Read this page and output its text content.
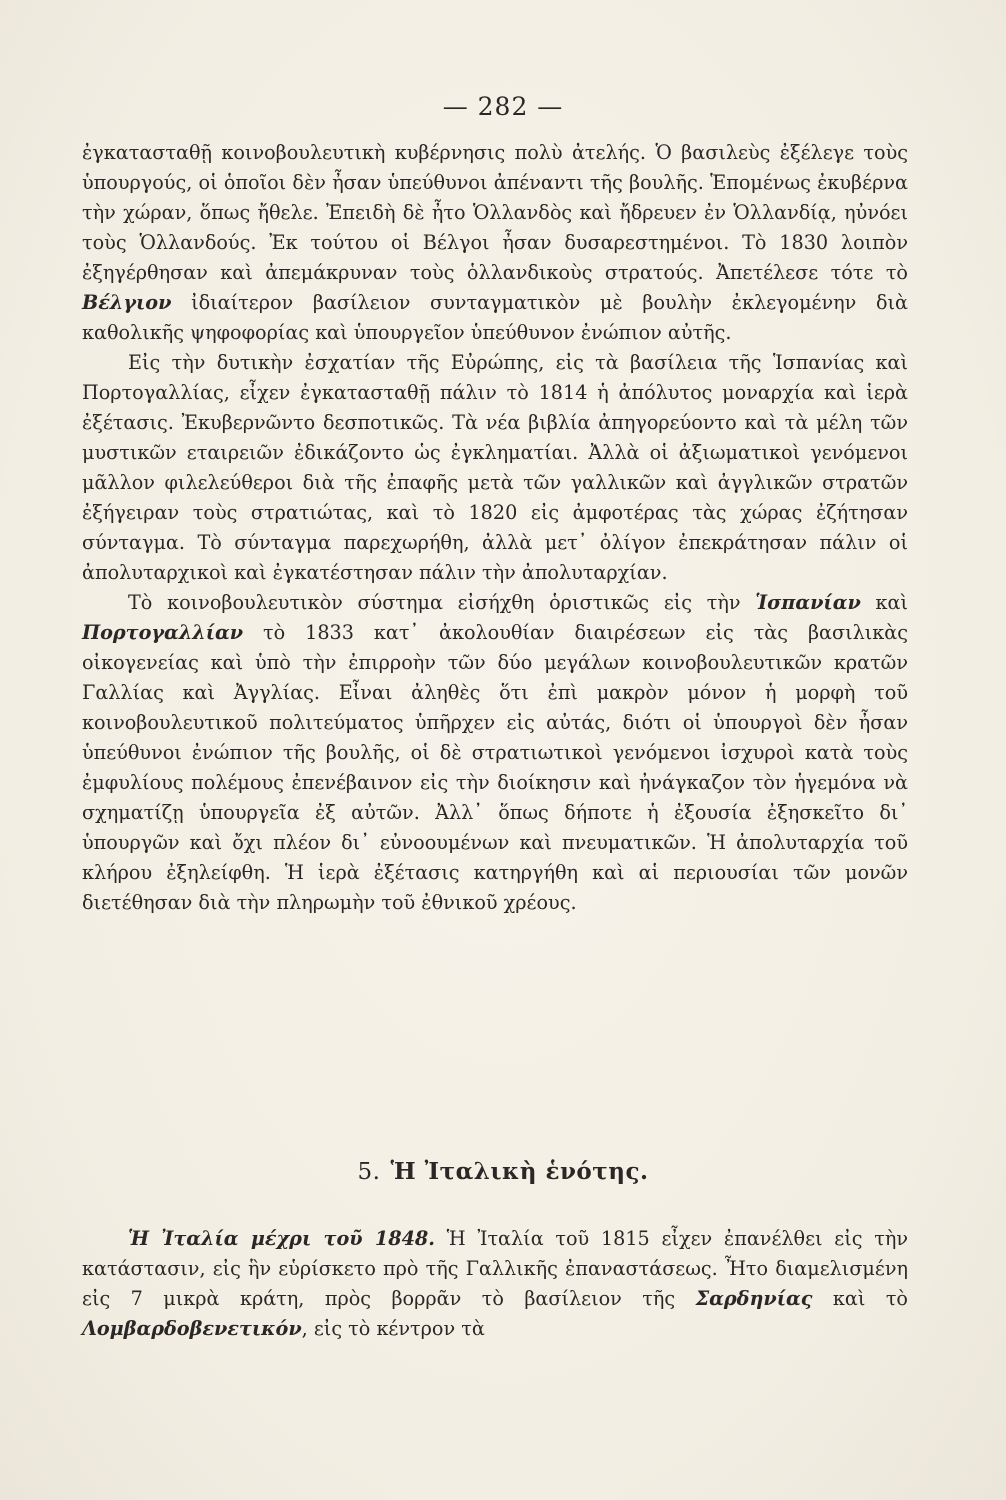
— 282 —

ἐγκατασταθῇ κοινοβουλευτικὴ κυβέρνησις πολὺ ἀτελής. Ὁ βασιλεὺς ἐξέλεγε τοὺς ὑπουργούς, οἱ ὁποῖοι δὲν ἦσαν ὑπεύθυνοι ἀπέναντι τῆς βουλῆς. Ἑπομένως ἐκυβέρνα τὴν χώραν, ὅπως ἤθελε. Ἐπειδὴ δὲ ἦτο Ὁλλανδὸς καὶ ἤδρευεν ἐν Ὁλλανδίᾳ, ηὐνόει τοὺς Ὁλλανδούς. Ἐκ τούτου οἱ Βέλγοι ἦσαν δυσαρεστημένοι. Τὸ 1830 λοιπὸν ἐξηγέρθησαν καὶ ἀπεμάκρυναν τοὺς ὁλλανδικοὺς στρατούς. Ἀπετέλεσε τότε τὸ Βέλγιον ἰδιαίτερον βασίλειον συνταγματικὸν μὲ βουλὴν ἐκλεγομένην διὰ καθολικῆς ψηφοφορίας καὶ ὑπουργεῖον ὑπεύθυνον ἐνώπιον αὐτῆς.

Εἰς τὴν δυτικὴν ἐσχατίαν τῆς Εὐρώπης, εἰς τὰ βασίλεια τῆς Ἱσπανίας καὶ Πορτογαλλίας, εἶχεν ἐγκατασταθῇ πάλιν τὸ 1814 ἡ ἀπόλυτος μοναρχία καὶ ἱερὰ ἐξέτασις. Ἐκυβερνῶντο δεσποτικῶς. Τὰ νέα βιβλία ἀπηγορεύοντο καὶ τὰ μέλη τῶν μυστικῶν εταιρειῶν ἐδικάζοντο ὡς ἐγκληματίαι. Ἀλλὰ οἱ ἀξιωματικοὶ γενόμενοι μᾶλλον φιλελεύθεροι διὰ τῆς ἐπαφῆς μετὰ τῶν γαλλικῶν καὶ ἀγγλικῶν στρατῶν ἐξήγειραν τοὺς στρατιώτας, καὶ τὸ 1820 εἰς ἀμφοτέρας τὰς χώρας ἐζήτησαν σύνταγμα. Τὸ σύνταγμα παρεχωρήθη, ἀλλὰ μετ᾿ ὀλίγον ἐπεκράτησαν πάλιν οἱ ἀπολυταρχικοὶ καὶ ἐγκατέστησαν πάλιν τὴν ἀπολυταρχίαν.

Τὸ κοινοβουλευτικὸν σύστημα εἰσήχθη ὁριστικῶς εἰς τὴν Ἱσπανίαν καὶ Πορτογαλλίαν τὸ 1833 κατ᾿ ἀκολουθίαν διαιρέσεων εἰς τὰς βασιλικὰς οἰκογενείας καὶ ὑπὸ τὴν ἐπιρροὴν τῶν δύο μεγάλων κοινοβουλευτικῶν κρατῶν Γαλλίας καὶ Ἀγγλίας. Εἶναι ἀληθὲς ὅτι ἐπὶ μακρὸν μόνον ἡ μορφὴ τοῦ κοινοβουλευτικοῦ πολιτεύματος ὑπῆρχεν εἰς αὐτάς, διότι οἱ ὑπουργοὶ δὲν ἦσαν ὑπεύθυνοι ἐνώπιον τῆς βουλῆς, οἱ δὲ στρατιωτικοὶ γενόμενοι ἰσχυροὶ κατὰ τοὺς ἐμφυλίους πολέμους ἐπενέβαινον εἰς τὴν διοίκησιν καὶ ἠνάγκαζον τὸν ἡγεμόνα νὰ σχηματίζῃ ὑπουργεῖα ἐξ αὐτῶν. Ἀλλ᾿ ὅπως δήποτε ἡ ἐξουσία ἐξησκεῖτο δι᾿ ὑπουργῶν καὶ ὄχι πλέον δι᾿ εὐνοουμένων καὶ πνευματικῶν. Ἡ ἀπολυταρχία τοῦ κλήρου ἐξηλείφθη. Ἡ ἱερὰ ἐξέτασις κατηργήθη καὶ αἱ περιουσίαι τῶν μονῶν διετέθησαν διὰ τὴν πληρωμὴν τοῦ ἐθνικοῦ χρέους.

5. Ἡ Ἰταλικὴ ἑνότης.

Ἡ Ἰταλία μέχρι τοῦ 1848. Ἡ Ἰταλία τοῦ 1815 εἶχεν ἐπανέλθει εἰς τὴν κατάστασιν, εἰς ἣν εὑρίσκετο πρὸ τῆς Γαλλικῆς ἐπαναστάσεως. Ἦτο διαμελισμένη εἰς 7 μικρὰ κράτη, πρὸς βορρᾶν τὸ βασίλειον τῆς Σαρδηνίας καὶ τὸ Λομβαρδοβενετικόν, εἰς τὸ κέντρον τὰ
